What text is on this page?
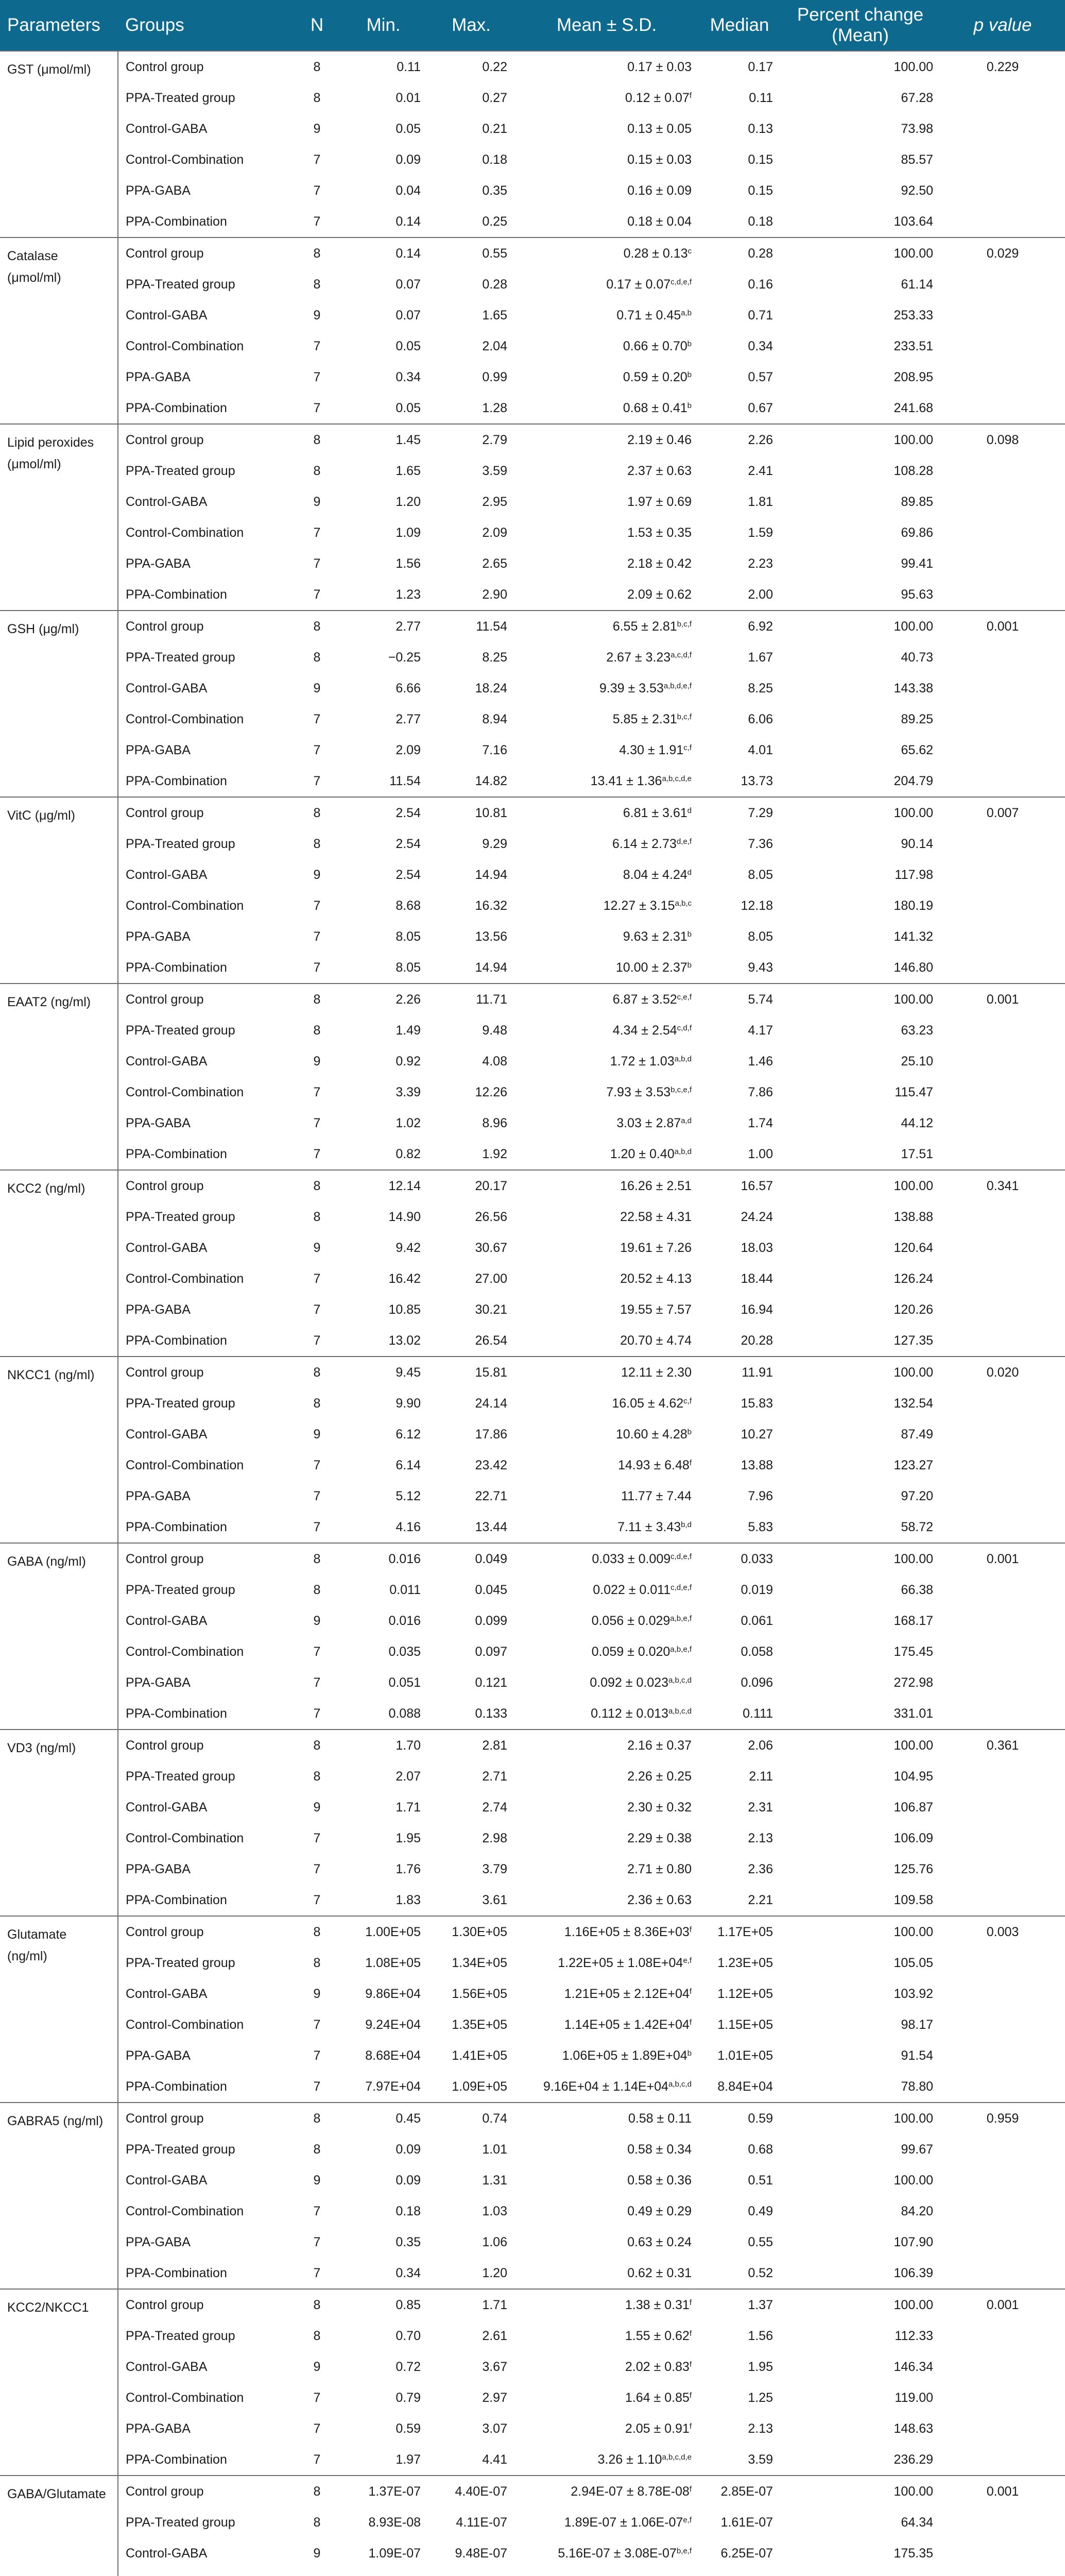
Parameters	Groups	N	Min.	Max.	Mean ± S.D.	Median	Percent change (Mean)	p value
GST (μmol/ml)	Control group	8	0.11	0.22	0.17 ± 0.03	0.17	100.00	0.229
	PPA-Treated group	8	0.01	0.27	0.12 ± 0.07$^f$	0.11	67.28	
	Control-GABA	9	0.05	0.21	0.13 ± 0.05	0.13	73.98	
	Control-Combination	7	0.09	0.18	0.15 ± 0.03	0.15	85.57	
	PPA-GABA	7	0.04	0.35	0.16 ± 0.09	0.15	92.50	
	PPA-Combination	7	0.14	0.25	0.18 ± 0.04	0.18	103.64	
Catalase (μmol/ml)	Control group	8	0.14	0.55	0.28 ± 0.13$^c$	0.28	100.00	0.029
	PPA-Treated group	8	0.07	0.28	$0.17 \pm 0.07^{c,d,e,f}$	0.16	61.14	
	Control-GABA	9	0.07	1.65	$0.71 \pm 0.45^{a,b}$	0.71	253.33	
	Control-Combination	7	0.05	2.04	0.66 ± 0.70$^b$	0.34	233.51	
	PPA-GABA	7	0.34	0.99	0.59 ± 0.20$^b$	0.57	208.95	
	PPA-Combination	7	0.05	1.28	0.68 ± 0.41$^b$	0.67	241.68	
Lipid peroxides (μmol/ml)	Control group	8	1.45	2.79	2.19 ± 0.46	2.26	100.00	0.098
	PPA-Treated group	8	1.65	3.59	2.37 ± 0.63	2.41	108.28	
	Control-GABA	9	1.20	2.95	1.97 ± 0.69	1.81	89.85	
	Control-Combination	7	1.09	2.09	1.53 ± 0.35	1.59	69.86	
	PPA-GABA	7	1.56	2.65	2.18 ± 0.42	2.23	99.41	
	PPA-Combination	7	1.23	2.90	2.09 ± 0.62	2.00	95.63	
GSH (μg/ml)	Control group	8	2.77	11.54	$6.55 \pm 2.81^{b,c,f}$	6.92	100.00	0.001
	PPA-Treated group	8	−0.25	8.25	$2.67 \pm 3.23^{a,c,d,f}$	1.67	40.73	
	Control-GABA	9	6.66	18.24	$9.39 \pm 3.53^{a,b,d,e,f}$	8.25	143.38	
	Control-Combination	7	2.77	8.94	$5.85 \pm 2.31^{b,c,f}$	6.06	89.25	
	PPA-GABA	7	2.09	7.16	$4.30 \pm 1.91^{c,f}$	4.01	65.62	
	PPA-Combination	7	11.54	14.82	$13.41 \pm 1.36^{a,b,c,d,e}$	13.73	204.79	
VitC (μg/ml)	Control group	8	2.54	10.81	6.81 ± 3.61$^d$	7.29	100.00	0.007
	PPA-Treated group	8	2.54	9.29	$6.14 \pm 2.73^{d,e,f}$	7.36	90.14	
	Control-GABA	9	2.54	14.94	8.04 ± 4.24$^d$	8.05	117.98	
	Control-Combination	7	8.68	16.32	$12.27 \pm 3.15^{a,b,c}$	12.18	180.19	
	PPA-GABA	7	8.05	13.56	9.63 ± 2.31$^b$	8.05	141.32	
	PPA-Combination	7	8.05	14.94	10.00 ± 2.37$^b$	9.43	146.80	
EAAT2 (ng/ml)	Control group	8	2.26	11.71	$6.87 \pm 3.52^{c,e,f}$	5.74	100.00	0.001
	PPA-Treated group	8	1.49	9.48	$4.34 \pm 2.54^{c,d,f}$	4.17	63.23	
	Control-GABA	9	0.92	4.08	$1.72 \pm 1.03^{a,b,d}$	1.46	25.10	
	Control-Combination	7	3.39	12.26	$7.93 \pm 3.53^{b,c,e,f}$	7.86	115.47	
	PPA-GABA	7	1.02	8.96	$3.03 \pm 2.87^{a,d}$	1.74	44.12	
	PPA-Combination	7	0.82	1.92	$1.20 \pm 0.40^{a,b,d}$	1.00	17.51	
KCC2 (ng/ml)	Control group	8	12.14	20.17	16.26 ± 2.51	16.57	100.00	0.341
	PPA-Treated group	8	14.90	26.56	22.58 ± 4.31	24.24	138.88	
	Control-GABA	9	9.42	30.67	19.61 ± 7.26	18.03	120.64	
	Control-Combination	7	16.42	27.00	20.52 ± 4.13	18.44	126.24	
	PPA-GABA	7	10.85	30.21	19.55 ± 7.57	16.94	120.26	
	PPA-Combination	7	13.02	26.54	20.70 ± 4.74	20.28	127.35	
NKCC1 (ng/ml)	Control group	8	9.45	15.81	12.11 ± 2.30	11.91	100.00	0.020
	PPA-Treated group	8	9.90	24.14	$16.05 \pm 4.62^{c,f}$	15.83	132.54	
	Control-GABA	9	6.12	17.86	10.60 ± 4.28$^b$	10.27	87.49	
	Control-Combination	7	6.14	23.42	14.93 ± 6.48$^f$	13.88	123.27	
	PPA-GABA	7	5.12	22.71	11.77 ± 7.44	7.96	97.20	
	PPA-Combination	7	4.16	13.44	$7.11 \pm 3.43^{b,d}$	5.83	58.72	
GABA (ng/ml)	Control group	8	0.016	0.049	$0.033 \pm 0.009^{c,d,e,f}$	0.033	100.00	0.001
	PPA-Treated group	8	0.011	0.045	$0.022 \pm 0.011^{c,d,e,f}$	0.019	66.38	
	Control-GABA	9	0.016	0.099	$0.056 \pm 0.029^{a,b,e,f}$	0.061	168.17	
	Control-Combination	7	0.035	0.097	$0.059 \pm 0.020^{a,b,e,f}$	0.058	175.45	
	PPA-GABA	7	0.051	0.121	$0.092 \pm 0.023^{a,b,c,d}$	0.096	272.98	
	PPA-Combination	7	0.088	0.133	$0.112 \pm 0.013^{a,b,c,d}$	0.111	331.01	
VD3 (ng/ml)	Control group	8	1.70	2.81	2.16 ± 0.37	2.06	100.00	0.361
	PPA-Treated group	8	2.07	2.71	2.26 ± 0.25	2.11	104.95	
	Control-GABA	9	1.71	2.74	2.30 ± 0.32	2.31	106.87	
	Control-Combination	7	1.95	2.98	2.29 ± 0.38	2.13	106.09	
	PPA-GABA	7	1.76	3.79	2.71 ± 0.80	2.36	125.76	
	PPA-Combination	7	1.83	3.61	2.36 ± 0.63	2.21	109.58	
Glutamate (ng/ml)	Control group	8	1.00E+05	1.30E+05	$1.16E+05 \pm 8.36E+03^f$	1.17E+05	100.00	0.003
	PPA-Treated group	8	1.08E+05	1.34E+05	$1.22E+05 \pm 1.08E+04^{e,f}$	1.23E+05	105.05	
	Control-GABA	9	9.86E+04	1.56E+05	$1.21E+05 \pm 2.12E+04^f$	1.12E+05	103.92	
	Control-Combination	7	9.24E+04	1.35E+05	$1.14E+05 \pm 1.42E+04^f$	1.15E+05	98.17	
	PPA-GABA	7	8.68E+04	1.41E+05	$1.06E+05 \pm 1.89E+04^b$	1.01E+05	91.54	
	PPA-Combination	7	7.97E+04	1.09E+05	$9.16E+04 \pm 1.14E+04^{a,b,c,d}$	8.84E+04	78.80	
GABRA5 (ng/ml)	Control group	8	0.45	0.74	0.58 ± 0.11	0.59	100.00	0.959
	PPA-Treated group	8	0.09	1.01	0.58 ± 0.34	0.68	99.67	
	Control-GABA	9	0.09	1.31	0.58 ± 0.36	0.51	100.00	
	Control-Combination	7	0.18	1.03	0.49 ± 0.29	0.49	84.20	
	PPA-GABA	7	0.35	1.06	0.63 ± 0.24	0.55	107.90	
	PPA-Combination	7	0.34	1.20	0.62 ± 0.31	0.52	106.39	
KCC2/NKCC1	Control group	8	0.85	1.71	1.38 ± 0.31$^f$	1.37	100.00	0.001
	PPA-Treated group	8	0.70	2.61	1.55 ± 0.62$^f$	1.56	112.33	
	Control-GABA	9	0.72	3.67	2.02 ± 0.83$^f$	1.95	146.34	
	Control-Combination	7	0.79	2.97	1.64 ± 0.85$^f$	1.25	119.00	
	PPA-GABA	7	0.59	3.07	2.05 ± 0.91$^f$	2.13	148.63	
	PPA-Combination	7	1.97	4.41	$3.26 \pm 1.10^{a,b,c,d,e}$	3.59	236.29	
GABA/Glutamate	Control group	8	1.37E-07	4.40E-07	$2.94E-07 \pm 8.78E-08^f$	2.85E-07	100.00	0.001
	PPA-Treated group	8	8.93E-08	4.11E-07	$1.89E-07 \pm 1.06E-07^{e,f}$	1.61E-07	64.34	
	Control-GABA	9	1.09E-07	9.48E-07	$5.16E-07 \pm 3.08E-07^{b,e,f}$	6.25E-07	175.35	
